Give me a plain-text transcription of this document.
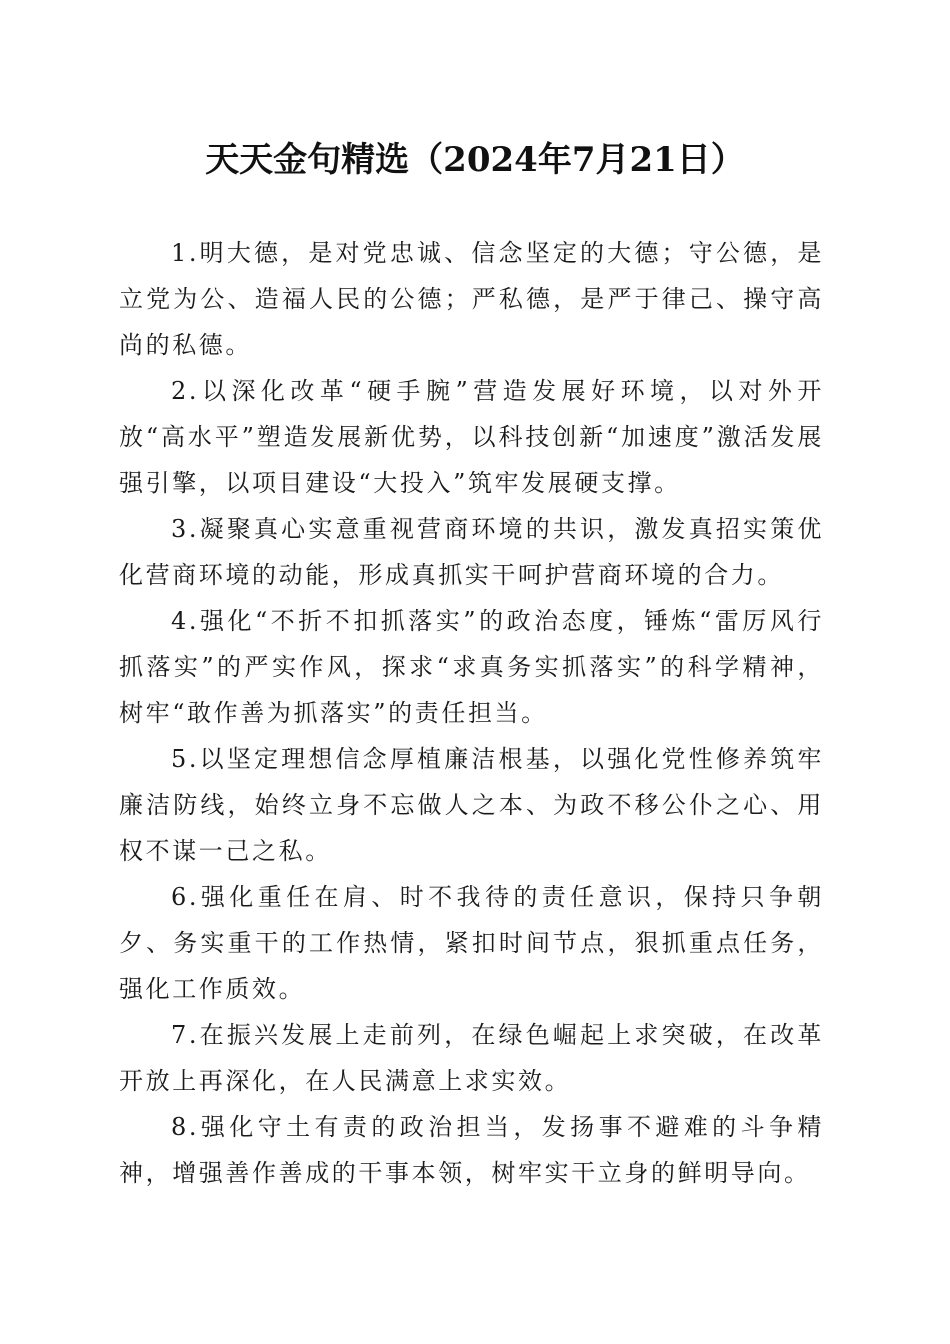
天天金句精选（2024年7月21日）

1.明大德，是对党忠诚、信念坚定的大德；守公德，是立党为公、造福人民的公德；严私德，是严于律己、操守高尚的私德。

2.以深化改革“硬手腕”营造发展好环境，以对外开放“高水平”塑造发展新优势，以科技创新“加速度”激活发展强引擎，以项目建设“大投入”筑牢发展硬支撑。

3.凝聚真心实意重视营商环境的共识，激发真招实策优化营商环境的动能，形成真抓实干呵护营商环境的合力。

4.强化“不折不扣抓落实”的政治态度，锤炼“雷厉风行抓落实”的严实作风，探求“求真务实抓落实”的科学精神，树牢“敢作善为抓落实”的责任担当。

5.以坚定理想信念厚植廉洁根基，以强化党性修养筑牢廉洁防线，始终立身不忘做人之本、为政不移公仆之心、用权不谋一己之私。

6.强化重任在肩、时不我待的责任意识，保持只争朝夕、务实重干的工作热情，紧扣时间节点，狠抓重点任务，强化工作质效。

7.在振兴发展上走前列，在绿色崛起上求突破，在改革开放上再深化，在人民满意上求实效。

8.强化守土有责的政治担当，发扬事不避难的斗争精神，增强善作善成的干事本领，树牢实干立身的鲜明导向。
